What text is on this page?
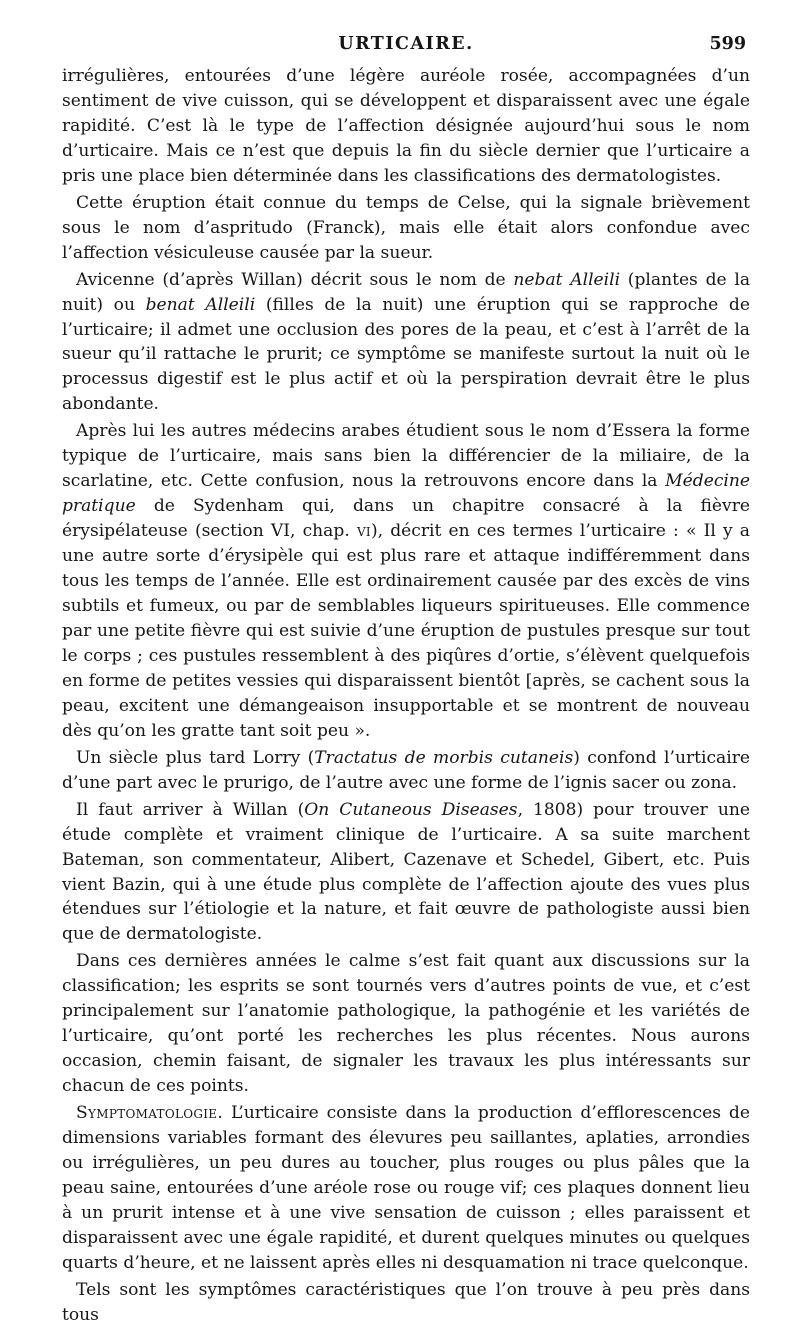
URTICAIRE.	599

irrégulières, entourées d’une légère auréole rosée, accompagnées d’un sentiment de vive cuisson, qui se développent et disparaissent avec une égale rapidité. C’est là le type de l’affection désignée aujourd’hui sous le nom d’urticaire. Mais ce n’est que depuis la fin du siècle dernier que l’urticaire a pris une place bien déterminée dans les classifications des dermatologistes.

Cette éruption était connue du temps de Celse, qui la signale brièvement sous le nom d’aspritudo (Franck), mais elle était alors confondue avec l’affection vésiculeuse causée par la sueur.

Avicenne (d’après Willan) décrit sous le nom de nebat Alleili (plantes de la nuit) ou benat Alleili (filles de la nuit) une éruption qui se rapproche de l’urticaire; il admet une occlusion des pores de la peau, et c’est à l’arrêt de la sueur qu’il rattache le prurit; ce symptôme se manifeste surtout la nuit où le processus digestif est le plus actif et où la perspiration devrait être le plus abondante.

Après lui les autres médecins arabes étudient sous le nom d’Essera la forme typique de l’urticaire, mais sans bien la différencier de la miliaire, de la scarlatine, etc. Cette confusion, nous la retrouvons encore dans la Médecine pratique de Sydenham qui, dans un chapitre consacré à la fièvre érysipélateuse (section VI, chap. vi), décrit en ces termes l’urticaire : « Il y a une autre sorte d’érysipèle qui est plus rare et attaque indifféremment dans tous les temps de l’année. Elle est ordinairement causée par des excès de vins subtils et fumeux, ou par de semblables liqueurs spiritueuses. Elle commence par une petite fièvre qui est suivie d’une éruption de pustules presque sur tout le corps ; ces pustules ressemblent à des piqûres d’ortie, s’élèvent quelquefois en forme de petites vessies qui disparaissent bientôt [après, se cachent sous la peau, excitent une démangeaison insupportable et se montrent de nouveau dès qu’on les gratte tant soit peu ».

Un siècle plus tard Lorry (Tractatus de morbis cutaneis) confond l’urticaire d’une part avec le prurigo, de l’autre avec une forme de l’ignis sacer ou zona.

Il faut arriver à Willan (On Cutaneous Diseases, 1808) pour trouver une étude complète et vraiment clinique de l’urticaire. A sa suite marchent Bateman, son commentateur, Alibert, Cazenave et Schedel, Gibert, etc. Puis vient Bazin, qui à une étude plus complète de l’affection ajoute des vues plus étendues sur l’étiologie et la nature, et fait œuvre de pathologiste aussi bien que de dermatologiste.

Dans ces dernières années le calme s’est fait quant aux discussions sur la classification; les esprits se sont tournés vers d’autres points de vue, et c’est principalement sur l’anatomie pathologique, la pathogénie et les variétés de l’urticaire, qu’ont porté les recherches les plus récentes. Nous aurons occasion, chemin faisant, de signaler les travaux les plus intéressants sur chacun de ces points.

Symptomatologie. L’urticaire consiste dans la production d’efflorescences de dimensions variables formant des élevures peu saillantes, aplaties, arrondies ou irrégulières, un peu dures au toucher, plus rouges ou plus pâles que la peau saine, entourées d’une aréole rose ou rouge vif; ces plaques donnent lieu à un prurit intense et à une vive sensation de cuisson ; elles paraissent et disparaissent avec une égale rapidité, et durent quelques minutes ou quelques quarts d’heure, et ne laissent après elles ni desquamation ni trace quelconque.

Tels sont les symptômes caractéristiques que l’on trouve à peu près dans tous
